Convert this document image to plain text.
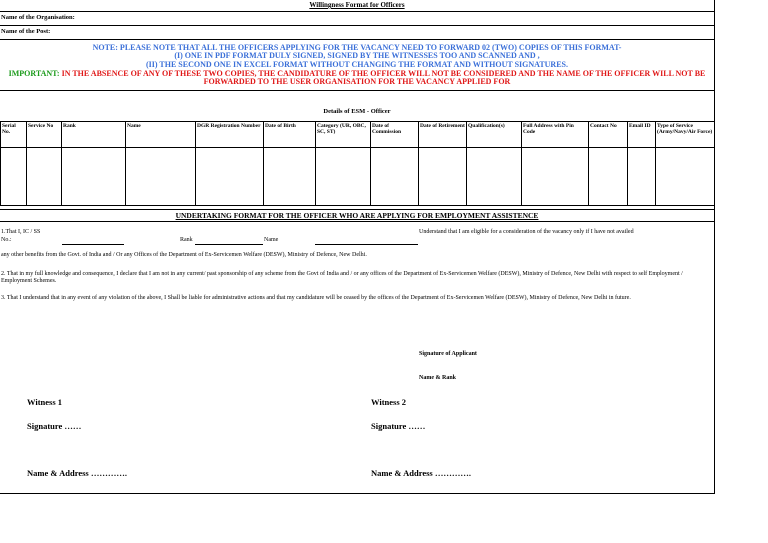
Willingness Format for Officers
Name of the Organisation:
Name of the Post:
NOTE: PLEASE NOTE THAT ALL THE OFFICERS APPLYING FOR THE VACANCY NEED TO FORWARD 02 (TWO) COPIES OF THIS FORMAT-
(I) ONE IN PDF FORMAT DULY SIGNED, SIGNED BY THE WITNESSES TOO AND SCANNED AND ,
(II) THE SECOND ONE IN EXCEL FORMAT WITHOUT CHANGING THE FORMAT AND WITHOUT SIGNATURES.
IMPORTANT: IN THE ABSENCE OF ANY OF THESE TWO COPIES, THE CANDIDATURE OF THE OFFICER WILL NOT BE CONSIDERED AND THE NAME OF THE OFFICER WILL NOT BE
FORWARDED TO THE USER ORGANISATION FOR THE VACANCY APPLIED FOR
Details of ESM - Officer
Serial No.	Service No	Rank	Name	DGR Registration Number	Date of Birth	Category (UR, OBC, SC, ST)	Date of Commission	Date of Retirement	Qualification(s)	Full Address with Pin Code	Contact No	Email ID	Type of Service (Army/Navy/Air Force)

UNDERTAKING FORMAT FOR THE OFFICER WHO ARE APPLYING FOR EMPLOYMENT ASSISTENCE
1.That I, IC / SS
No.:	Rank	Name
Understand that I am eligible for a consideration of the vacancy only if I have not availed
any other benefits from the Govt. of India and / Or any Offices of the Department of Ex-Servicemen Welfare (DESW), Ministry of Defence, New Delhi.
2. That in my full knowledge and consequence, I declare that I am not in any current/ past sponsorship of any scheme from the Govt of India and / or any offices of the Department of Ex-Servicemen Welfare (DESW), Ministry of Defence, New Delhi with respect to self Employment / Employment Schemes.
3. That I understand that in any event of any violation of the above, I Shall be liable for administrative actions and that my candidature will be ceased by the offices of the Department of Ex-Servicemen Welfare (DESW), Ministry of Defence, New Delhi in future.
Signature of Applicant
Name & Rank
Witness 1	Witness 2
Signature ……	Signature ……
Name & Address ………….	Name & Address ………….
